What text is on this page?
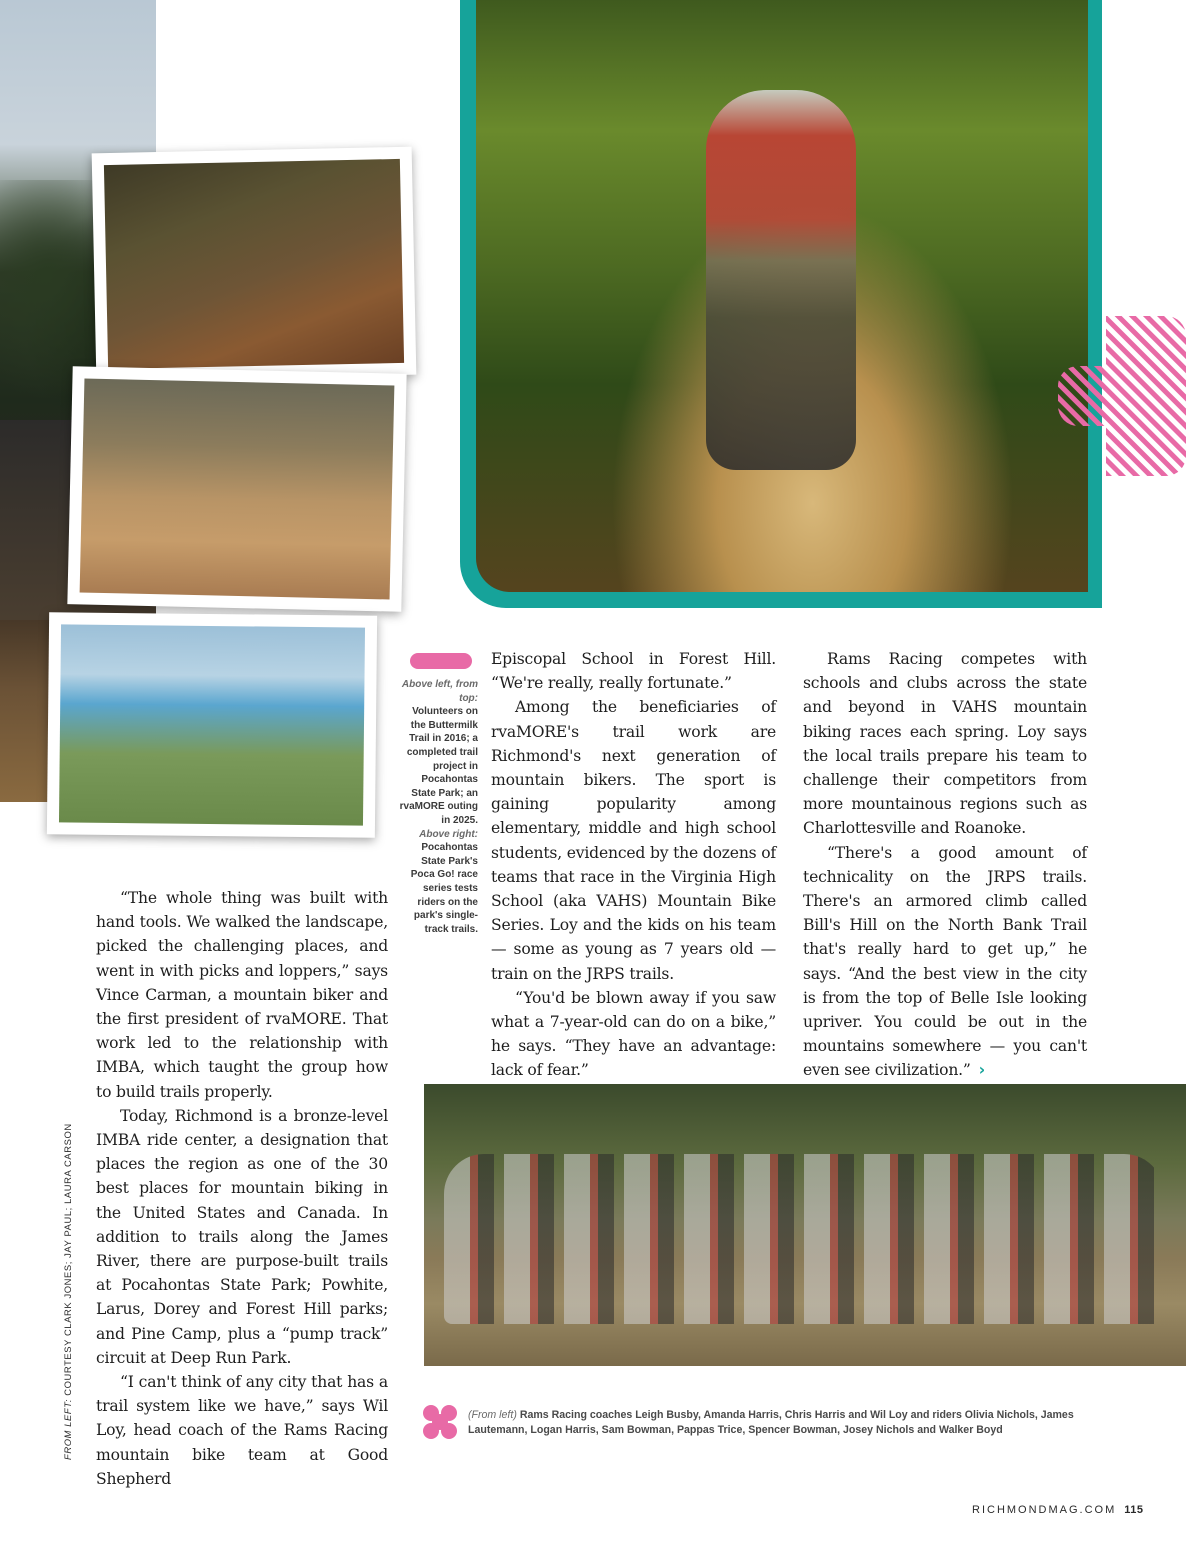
Above left, from top:
Volunteers on the Buttermilk Trail in 2016; a completed trail project in Pocahontas State Park; an rvaMORE outing in 2025.
Above right:
Pocahontas State Park's Poca Go! race series tests riders on the park's single-track trails.

“The whole thing was built with hand tools. We walked the landscape, picked the challenging places, and went in with picks and loppers,” says Vince Carman, a mountain biker and the first president of rvaMORE. That work led to the relationship with IMBA, which taught the group how to build trails properly.

Today, Richmond is a bronze-level IMBA ride center, a designation that places the region as one of the 30 best places for mountain biking in the United States and Canada. In addition to trails along the James River, there are purpose-built trails at Pocahontas State Park; Powhite, Larus, Dorey and Forest Hill parks; and Pine Camp, plus a “pump track” circuit at Deep Run Park.

“I can't think of any city that has a trail system like we have,” says Wil Loy, head coach of the Rams Racing mountain bike team at Good Shepherd

Episcopal School in Forest Hill. “We're really, really fortunate.”

Among the beneficiaries of rvaMORE's trail work are Richmond's next generation of mountain bikers. The sport is gaining popularity among elementary, middle and high school students, evidenced by the dozens of teams that race in the Virginia High School (aka VAHS) Mountain Bike Series. Loy and the kids on his team — some as young as 7 years old — train on the JRPS trails.

“You'd be blown away if you saw what a 7-year-old can do on a bike,” he says. “They have an advantage: lack of fear.”

Rams Racing competes with schools and clubs across the state and beyond in VAHS mountain biking races each spring. Loy says the local trails prepare his team to challenge their competitors from more mountainous regions such as Charlottesville and Roanoke.

“There's a good amount of technicality on the JRPS trails. There's an armored climb called Bill's Hill on the North Bank Trail that's really hard to get up,” he says. “And the best view in the city is from the top of Belle Isle looking upriver. You could be out in the mountains somewhere — you can't even see civilization.” ›

(From left) Rams Racing coaches Leigh Busby, Amanda Harris, Chris Harris and Wil Loy and riders Olivia Nichols, James Lautemann, Logan Harris, Sam Bowman, Pappas Trice, Spencer Bowman, Josey Nichols and Walker Boyd
FROM LEFT: COURTESY CLARK JONES; JAY PAUL; LAURA CARSON
RICHMONDMAG.COM 115
